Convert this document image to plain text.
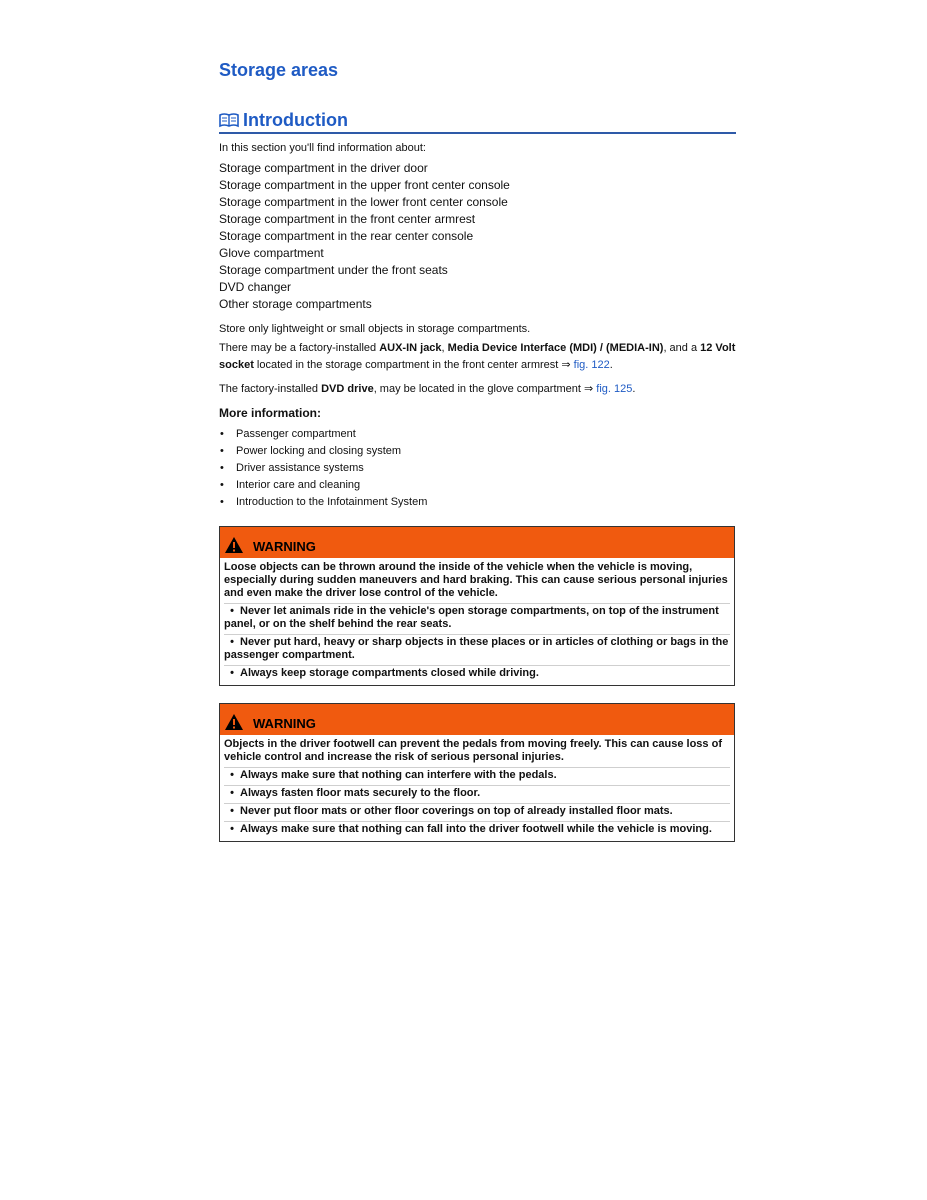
Storage areas
Introduction
In this section you'll find information about:
Storage compartment in the driver door
Storage compartment in the upper front center console
Storage compartment in the lower front center console
Storage compartment in the front center armrest
Storage compartment in the rear center console
Glove compartment
Storage compartment under the front seats
DVD changer
Other storage compartments

Store only lightweight or small objects in storage compartments.

There may be a factory-installed AUX-IN jack, Media Device Interface (MDI) / (MEDIA-IN), and a 12 Volt socket located in the storage compartment in the front center armrest ⇒ fig. 122.

The factory-installed DVD drive, may be located in the glove compartment ⇒ fig. 125.

More information:
• Passenger compartment
• Power locking and closing system
• Driver assistance systems
• Interior care and cleaning
• Introduction to the Infotainment System
WARNING
Loose objects can be thrown around the inside of the vehicle when the vehicle is moving, especially during sudden maneuvers and hard braking. This can cause serious personal injuries and even make the driver lose control of the vehicle.
• Never let animals ride in the vehicle's open storage compartments, on top of the instrument panel, or on the shelf behind the rear seats.
• Never put hard, heavy or sharp objects in these places or in articles of clothing or bags in the passenger compartment.
• Always keep storage compartments closed while driving.
WARNING
Objects in the driver footwell can prevent the pedals from moving freely. This can cause loss of vehicle control and increase the risk of serious personal injuries.
• Always make sure that nothing can interfere with the pedals.
• Always fasten floor mats securely to the floor.
• Never put floor mats or other floor coverings on top of already installed floor mats.
• Always make sure that nothing can fall into the driver footwell while the vehicle is moving.
